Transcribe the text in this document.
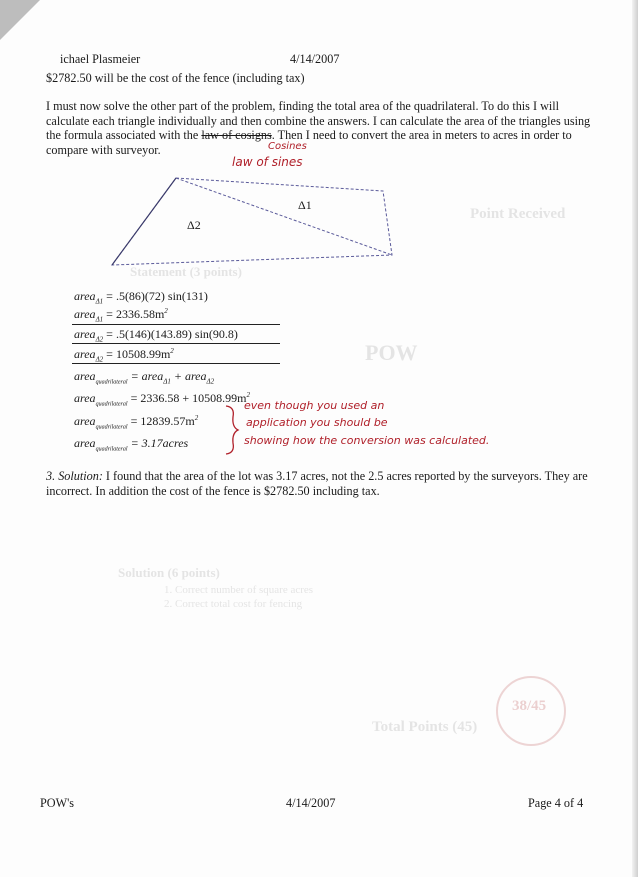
Point Received
Statement (3 points)
POW
Solution (6 points)
1. Correct number of square acres
2. Correct total cost for fencing
Total Points (45)
38/45
ichael Plasmeier	4/14/2007
$2782.50 will be the cost of the fence (including tax)
I must now solve the other part of the problem, finding the total area of the quadrilateral. To do this I will calculate each triangle individually and then combine the answers. I can calculate the area of the triangles using the formula associated with the law of cosigns. Then I need to convert the area in meters to acres in order to compare with surveyor.	Cosines
law of sines
Δ1
Δ2
area$_{\Delta 1}$ = .5(86)(72) sin(131)
area$_{\Delta 1}$ = $2336.58m^2$
area$_{\Delta 2}$ = .5(146)(143.89) sin(90.8)
area$_{\Delta 2}$ = $10508.99m^2$
area$_{quadrilateral}$ = area$_{\Delta 1}$ + area$_{\Delta 2}$
area$_{quadrilateral}$ = $2336.58 + 10508.99m^2$
area$_{quadrilateral}$ = $12839.57m^2$
area$_{quadrilateral}$ = 3.17acres
even though you used an
application you should be
showing how the conversion was calculated.
3. Solution: I found that the area of the lot was 3.17 acres, not the 2.5 acres reported by the surveyors. They are incorrect. In addition the cost of the fence is $2782.50 including tax.
POW's	4/14/2007	Page 4 of 4
